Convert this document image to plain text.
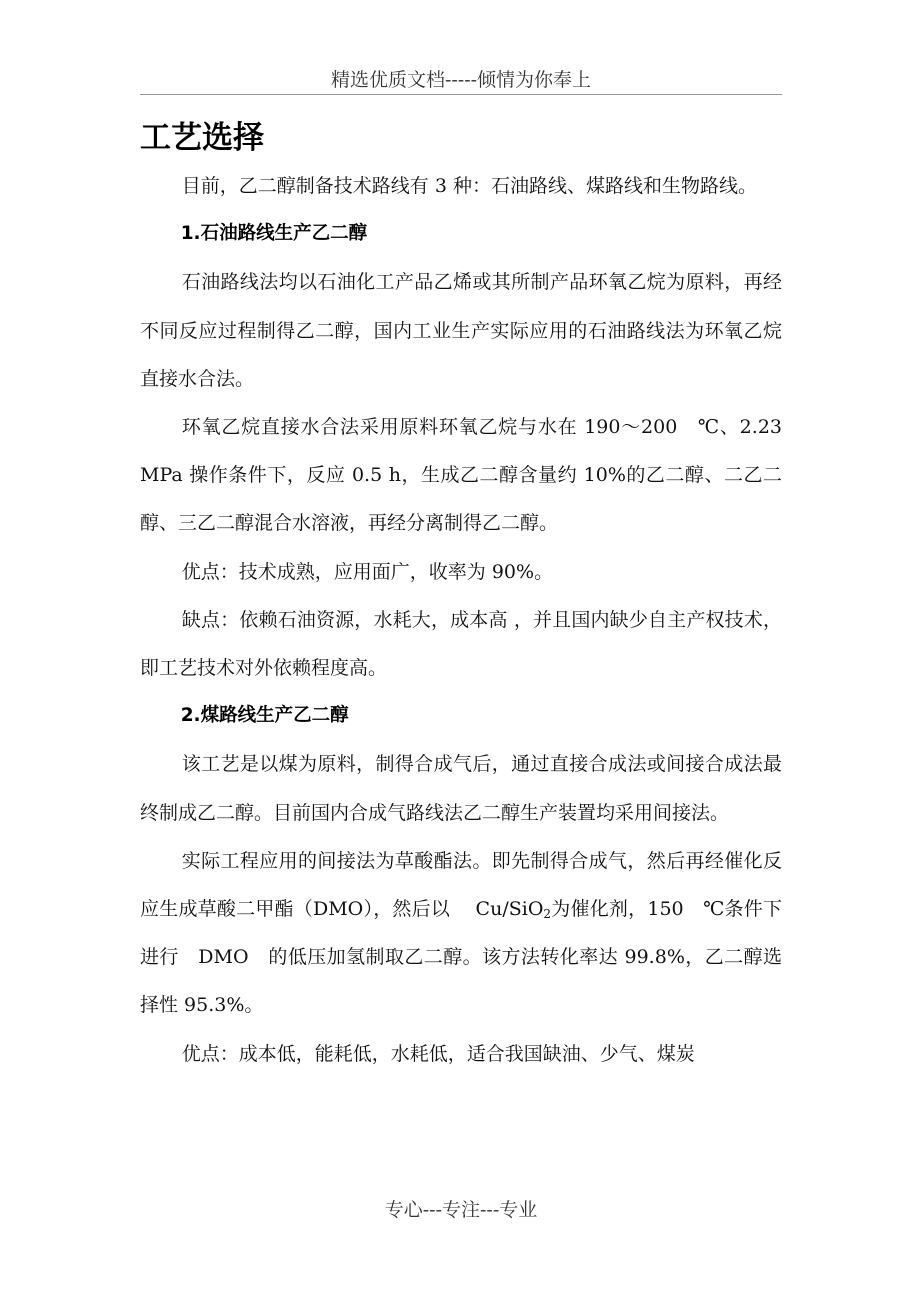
精选优质文档-----倾情为你奉上
工艺选择

目前，乙二醇制备技术路线有 3 种：石油路线、煤路线和生物路线。

1.石油路线生产乙二醇

石油路线法均以石油化工产品乙烯或其所制产品环氧乙烷为原料，再经不同反应过程制得乙二醇，国内工业生产实际应用的石油路线法为环氧乙烷直接水合法。

环氧乙烷直接水合法采用原料环氧乙烷与水在 190～200　℃、2.23 MPa 操作条件下，反应 0.5 h，生成乙二醇含量约 10%的乙二醇、二乙二醇、三乙二醇混合水溶液，再经分离制得乙二醇。

优点：技术成熟，应用面广，收率为 90%。

缺点：依赖石油资源，水耗大，成本高 ，并且国内缺少自主产权技术，即工艺技术对外依赖程度高。

2.煤路线生产乙二醇

该工艺是以煤为原料，制得合成气后，通过直接合成法或间接合成法最终制成乙二醇。目前国内合成气路线法乙二醇生产装置均采用间接法。

实际工程应用的间接法为草酸酯法。即先制得合成气，然后再经催化反应生成草酸二甲酯（DMO），然后以　 Cu/SiO$_2$为催化剂，150　℃条件下进行　DMO　的低压加氢制取乙二醇。该方法转化率达 99.8%，乙二醇选择性 95.3%。

优点：成本低，能耗低，水耗低，适合我国缺油、少气、煤炭

专心---专注---专业
